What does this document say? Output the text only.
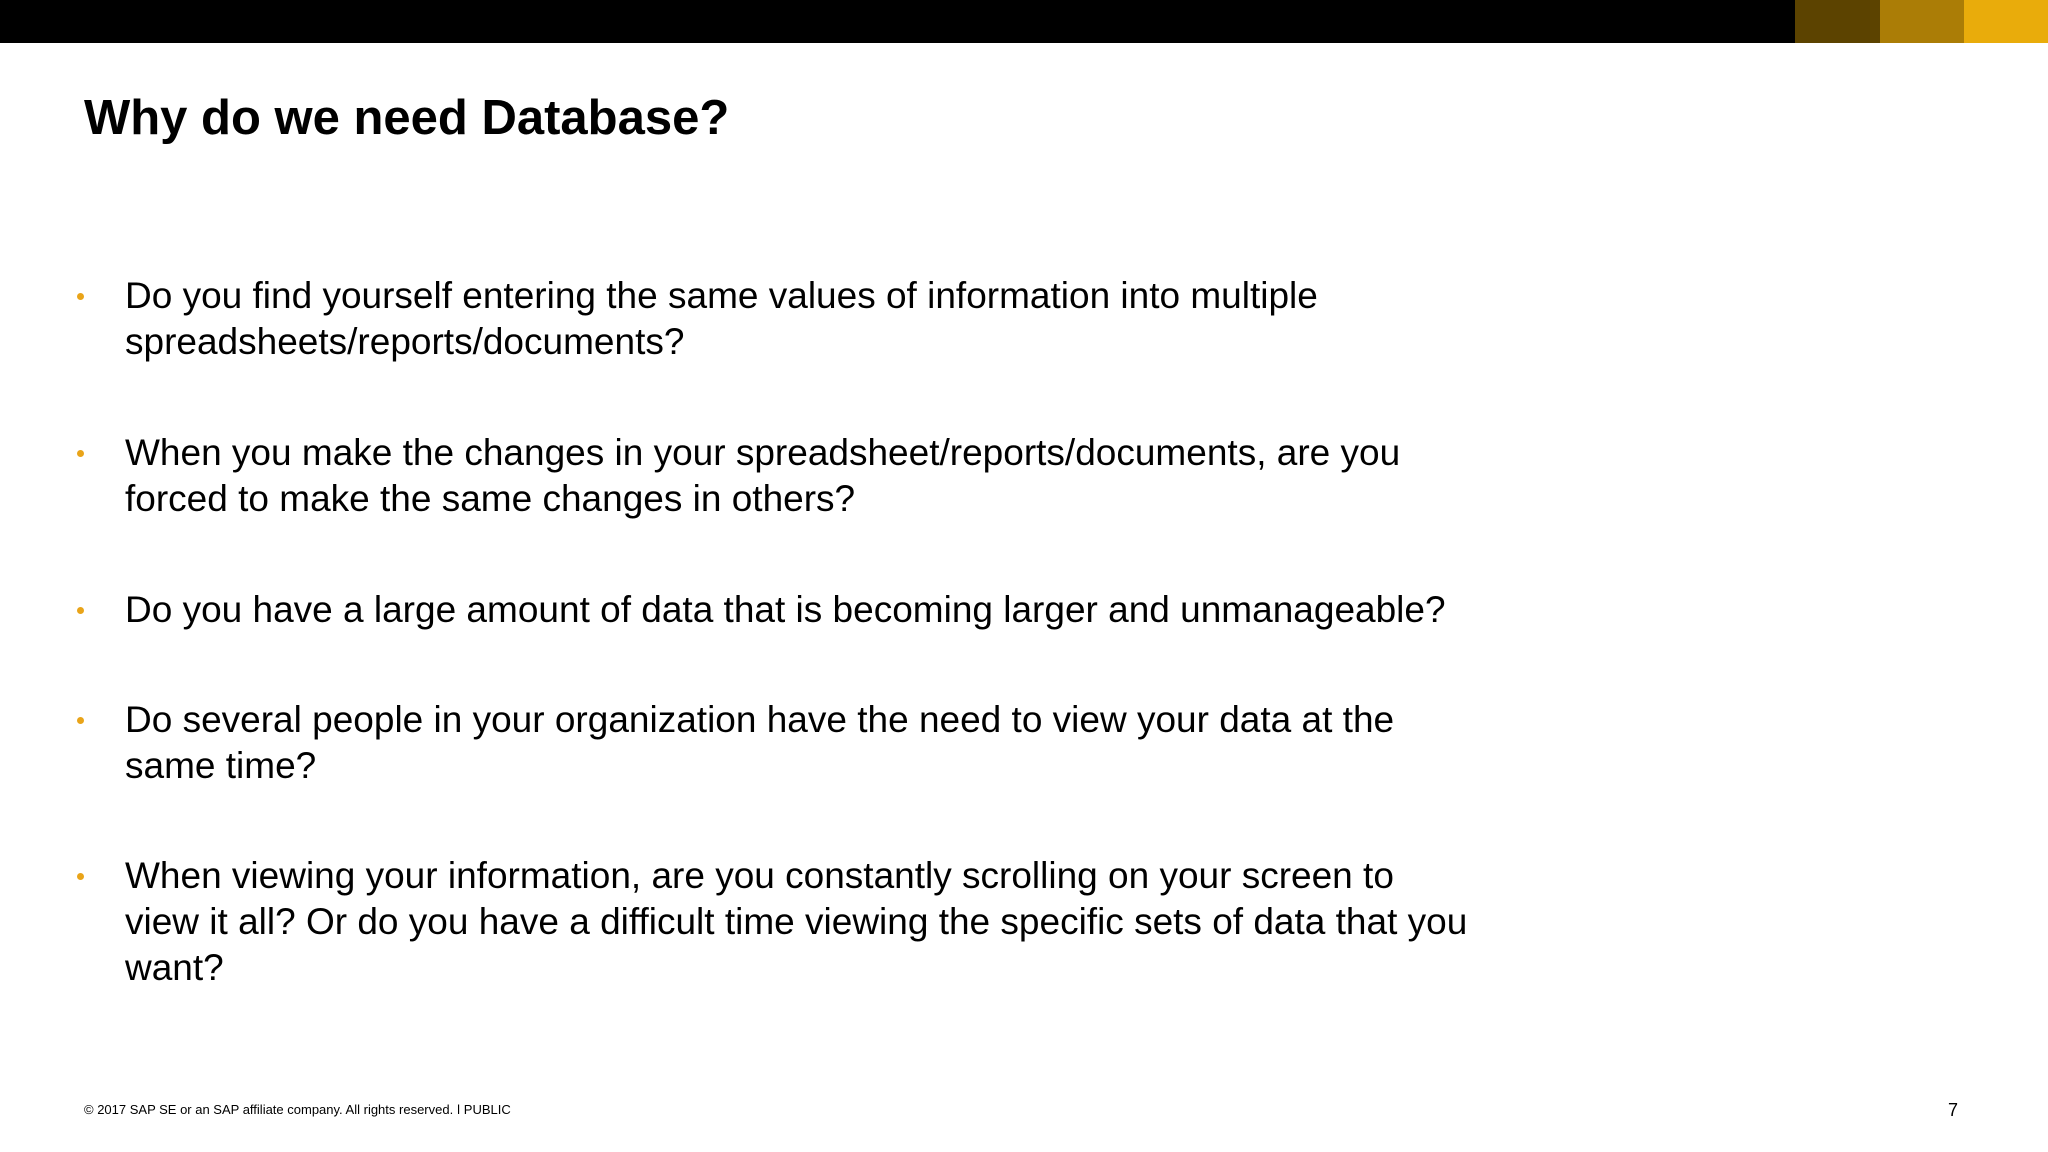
Why do we need Database?
Do you find yourself entering the same values of information into multiple
spreadsheets/reports/documents?
When you make the changes in your spreadsheet/reports/documents, are you
forced to make the same changes in others?
Do you have a large amount of data that is becoming larger and unmanageable?
Do several people in your organization have the need to view your data at the
same time?
When viewing your information, are you constantly scrolling on your screen to
view it all? Or do you have a difficult time viewing the specific sets of data that you
want?
© 2017 SAP SE or an SAP affiliate company. All rights reserved. ǀ PUBLIC	7
